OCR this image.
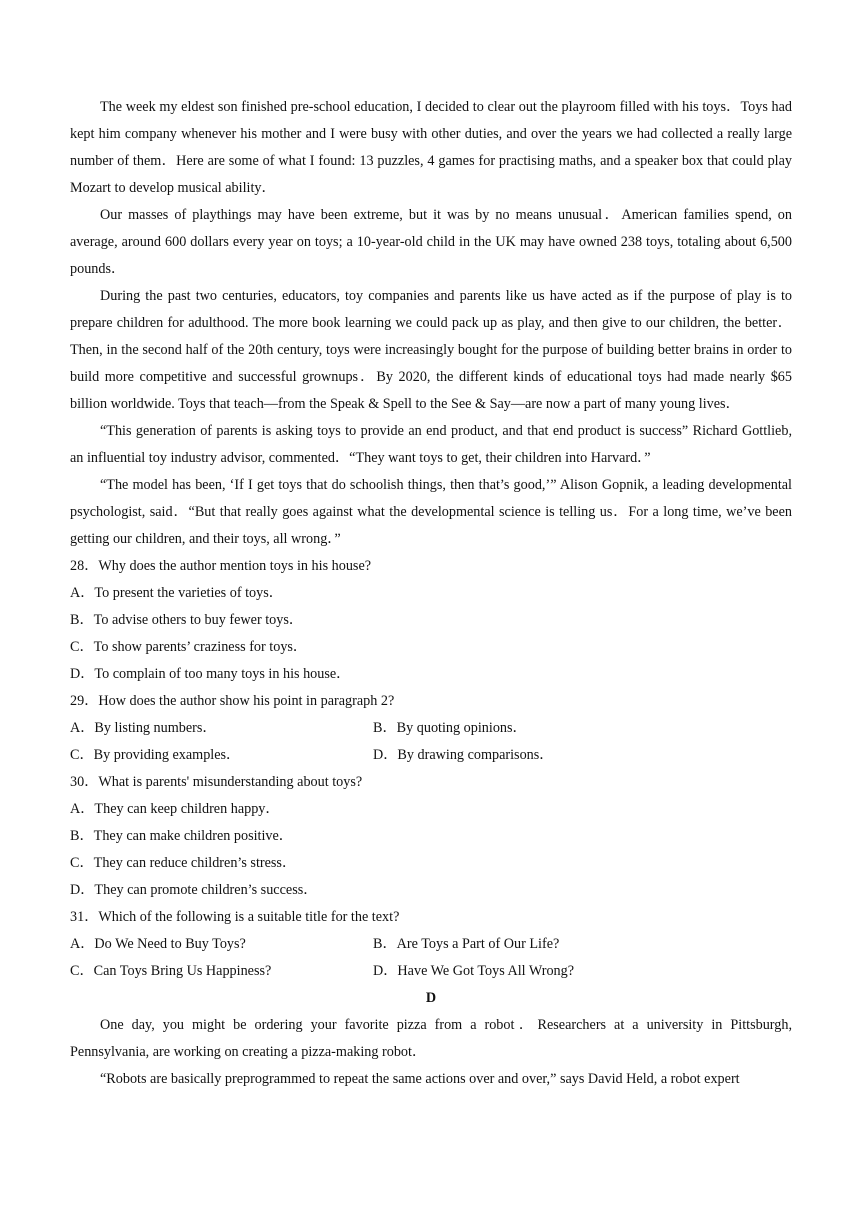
The week my eldest son finished pre-school education, I decided to clear out the playroom filled with his toys．Toys had kept him company whenever his mother and I were busy with other duties, and over the years we had collected a really large number of them．Here are some of what I found: 13 puzzles, 4 games for practising maths, and a speaker box that could play Mozart to develop musical ability．

Our masses of playthings may have been extreme, but it was by no means unusual．American families spend, on average, around 600 dollars every year on toys; a 10-year-old child in the UK may have owned 238 toys, totaling about 6,500 pounds．

During the past two centuries, educators, toy companies and parents like us have acted as if the purpose of play is to prepare children for adulthood. The more book learning we could pack up as play, and then give to our children, the better．Then, in the second half of the 20th century, toys were increasingly bought for the purpose of building better brains in order to build more competitive and successful grownups．By 2020, the different kinds of educational toys had made nearly $65 billion worldwide. Toys that teach—from the Speak & Spell to the See & Say—are now a part of many young lives．

“This generation of parents is asking toys to provide an end product, and that end product is success” Richard Gottlieb, an influential toy industry advisor, commented．“They want toys to get, their children into Harvard．”

“The model has been, ‘If I get toys that do schoolish things, then that’s good,’” Alison Gopnik, a leading developmental psychologist, said．“But that really goes against what the developmental science is telling us．For a long time, we’ve been getting our children, and their toys, all wrong．”

28．Why does the author mention toys in his house?

A．To present the varieties of toys．

B．To advise others to buy fewer toys．

C．To show parents’ craziness for toys．

D．To complain of too many toys in his house．

29．How does the author show his point in paragraph 2?

A．By listing numbers．	B．By quoting opinions．
C．By providing examples．	D．By drawing comparisons．

30．What is parents' misunderstanding about toys?

A．They can keep children happy．

B．They can make children positive．

C．They can reduce children’s stress．

D．They can promote children’s success．

31．Which of the following is a suitable title for the text?

A．Do We Need to Buy Toys?	B．Are Toys a Part of Our Life?
C．Can Toys Bring Us Happiness?	D．Have We Got Toys All Wrong?

D

One day, you might be ordering your favorite pizza from a robot．Researchers at a university in Pittsburgh, Pennsylvania, are working on creating a pizza-making robot．

“Robots are basically preprogrammed to repeat the same actions over and over,” says David Held, a robot expert
